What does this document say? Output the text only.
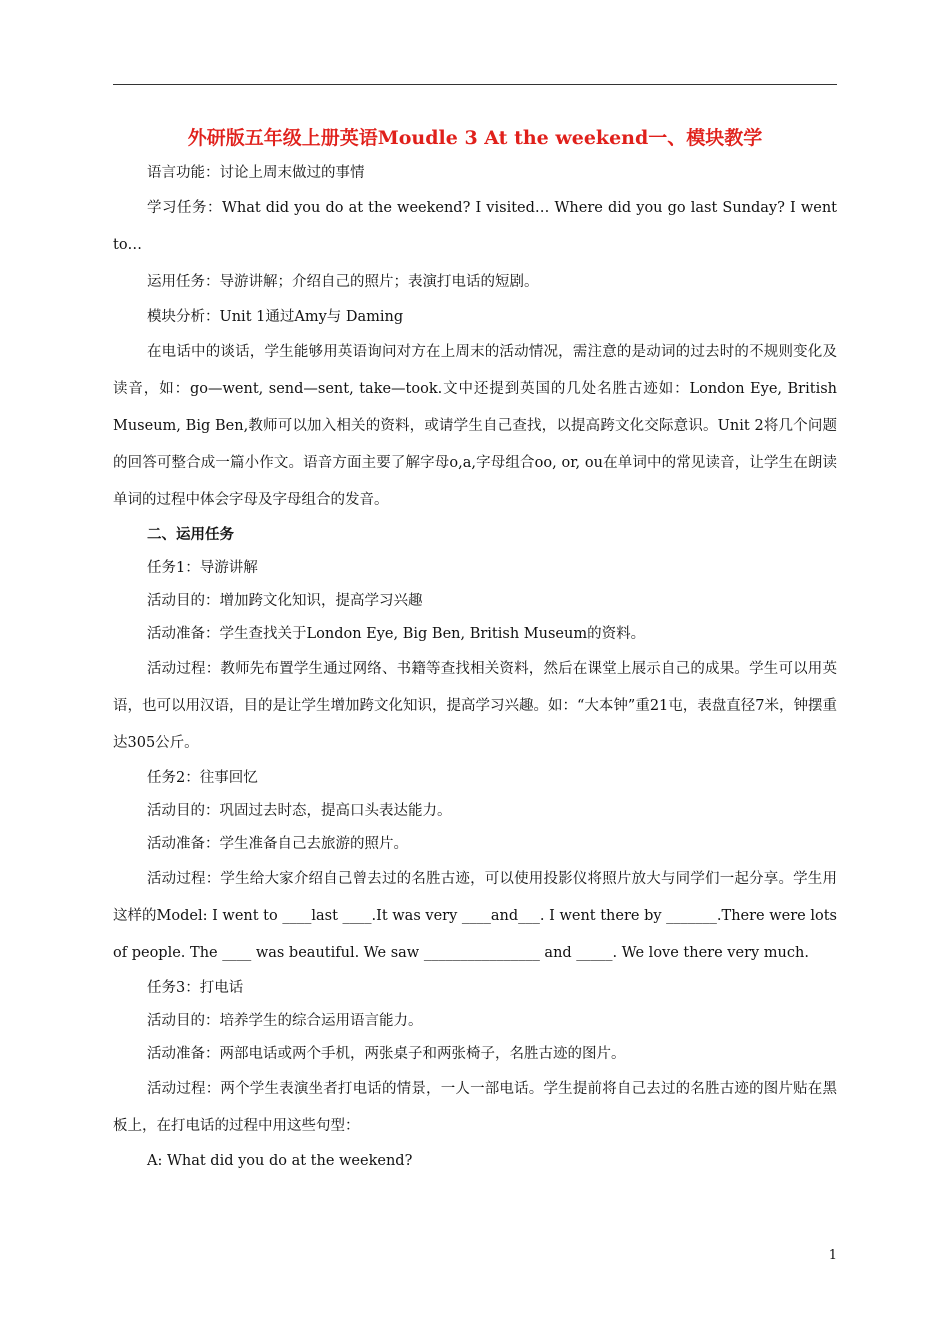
外研版五年级上册英语Moudle 3 At the weekend一、模块教学

语言功能：讨论上周末做过的事情

学习任务：What did you do at the weekend? I visited… Where did you go last Sunday? I went to…

运用任务：导游讲解；介绍自己的照片；表演打电话的短剧。

模块分析：Unit 1通过Amy与 Daming

在电话中的谈话，学生能够用英语询问对方在上周末的活动情况，需注意的是动词的过去时的不规则变化及读音，如：go—went, send—sent, take—took.文中还提到英国的几处名胜古迹如：London Eye, British Museum, Big Ben,教师可以加入相关的资料，或请学生自己查找，以提高跨文化交际意识。Unit 2将几个问题的回答可整合成一篇小作文。语音方面主要了解字母o,a,字母组合oo, or, ou在单词中的常见读音，让学生在朗读单词的过程中体会字母及字母组合的发音。

二、运用任务

任务1：导游讲解

活动目的：增加跨文化知识，提高学习兴趣

活动准备：学生查找关于London Eye, Big Ben, British Museum的资料。

活动过程：教师先布置学生通过网络、书籍等查找相关资料，然后在课堂上展示自己的成果。学生可以用英语，也可以用汉语，目的是让学生增加跨文化知识，提高学习兴趣。如：“大本钟”重21屯，表盘直径7米，钟摆重达305公斤。

任务2：往事回忆

活动目的：巩固过去时态，提高口头表达能力。

活动准备：学生准备自己去旅游的照片。

活动过程：学生给大家介绍自己曾去过的名胜古迹，可以使用投影仪将照片放大与同学们一起分享。学生用这样的Model: I went to ____last ____.It was very ____and___. I went there by _______.There were lots of people. The ____ was beautiful. We saw ________________ and _____. We love there very much.

任务3：打电话

活动目的：培养学生的综合运用语言能力。

活动准备：两部电话或两个手机，两张桌子和两张椅子，名胜古迹的图片。

活动过程：两个学生表演坐者打电话的情景，一人一部电话。学生提前将自己去过的名胜古迹的图片贴在黑板上，在打电话的过程中用这些句型：

A: What did you do at the weekend?

1
